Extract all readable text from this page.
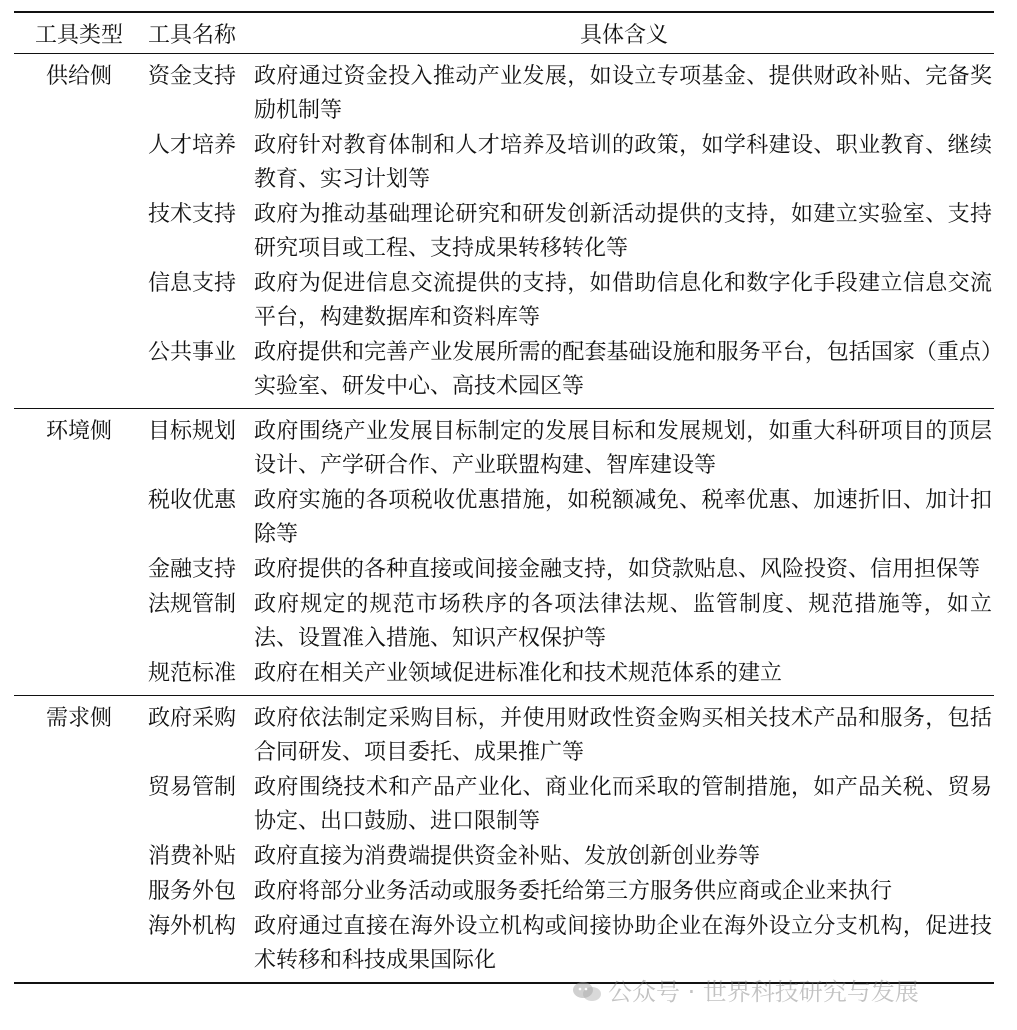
工具类型	工具名称	具体含义
供给侧	资金支持	政府通过资金投入推动产业发展，如设立专项基金、提供财政补贴、完备奖励机制等
	人才培养	政府针对教育体制和人才培养及培训的政策，如学科建设、职业教育、继续教育、实习计划等
	技术支持	政府为推动基础理论研究和研发创新活动提供的支持，如建立实验室、支持研究项目或工程、支持成果转移转化等
	信息支持	政府为促进信息交流提供的支持，如借助信息化和数字化手段建立信息交流平台，构建数据库和资料库等
	公共事业	政府提供和完善产业发展所需的配套基础设施和服务平台，包括国家（重点）实验室、研发中心、高技术园区等
环境侧	目标规划	政府围绕产业发展目标制定的发展目标和发展规划，如重大科研项目的顶层设计、产学研合作、产业联盟构建、智库建设等
	税收优惠	政府实施的各项税收优惠措施，如税额减免、税率优惠、加速折旧、加计扣除等
	金融支持	政府提供的各种直接或间接金融支持，如贷款贴息、风险投资、信用担保等
	法规管制	政府规定的规范市场秩序的各项法律法规、监管制度、规范措施等，如立法、设置准入措施、知识产权保护等
	规范标准	政府在相关产业领域促进标准化和技术规范体系的建立
需求侧	政府采购	政府依法制定采购目标，并使用财政性资金购买相关技术产品和服务，包括合同研发、项目委托、成果推广等
	贸易管制	政府围绕技术和产品产业化、商业化而采取的管制措施，如产品关税、贸易协定、出口鼓励、进口限制等
	消费补贴	政府直接为消费端提供资金补贴、发放创新创业券等
	服务外包	政府将部分业务活动或服务委托给第三方服务供应商或企业来执行
	海外机构	政府通过直接在海外设立机构或间接协助企业在海外设立分支机构，促进技术转移和科技成果国际化
公众号 · 世界科技研究与发展
